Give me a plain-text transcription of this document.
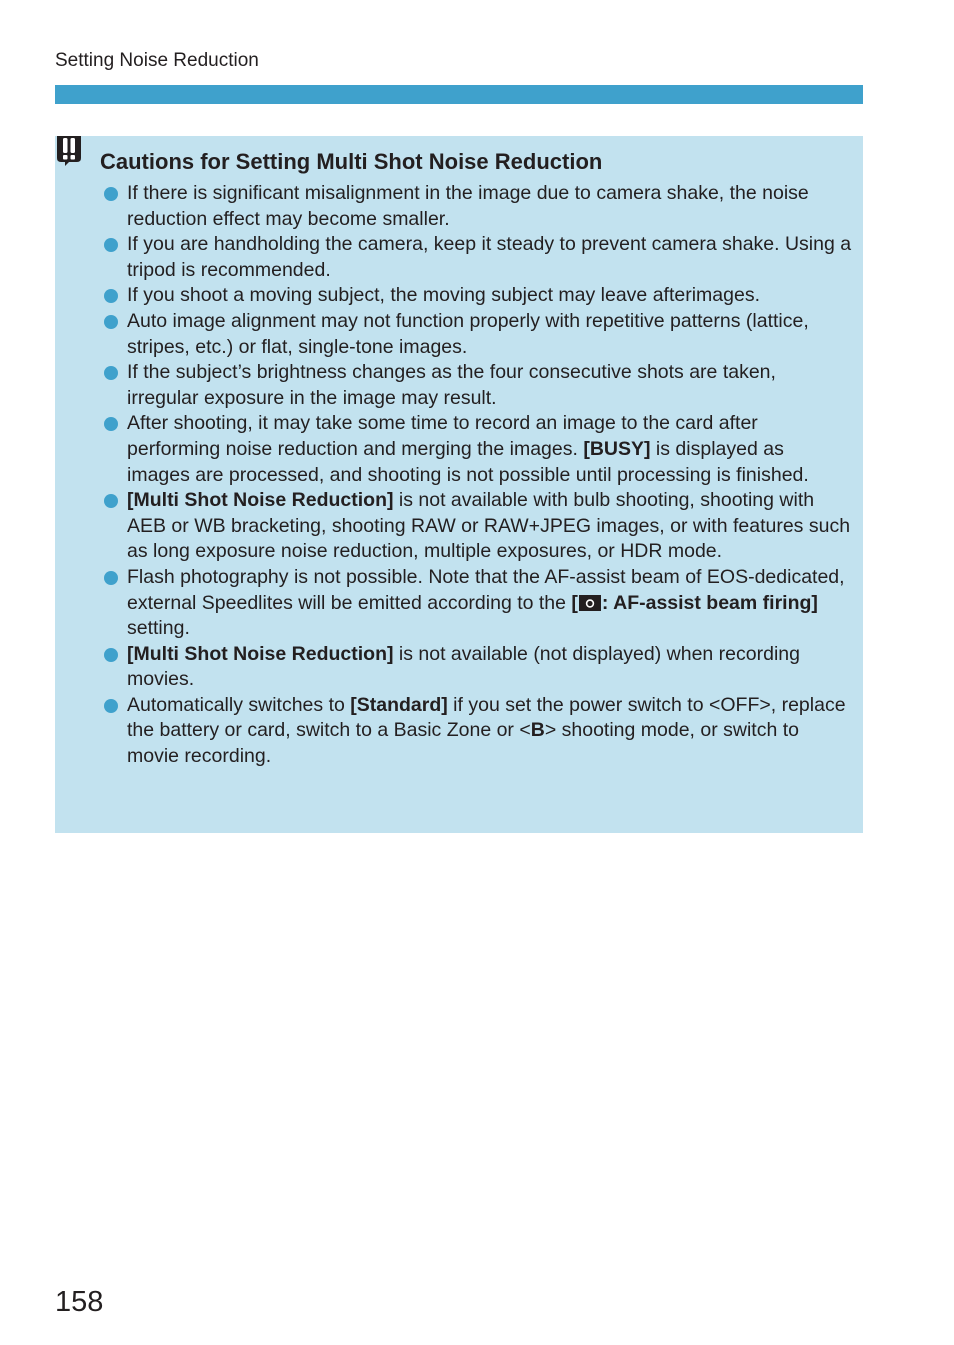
Setting Noise Reduction
Cautions for Setting Multi Shot Noise Reduction
If there is significant misalignment in the image due to camera shake, the noise reduction effect may become smaller.
If you are handholding the camera, keep it steady to prevent camera shake. Using a tripod is recommended.
If you shoot a moving subject, the moving subject may leave afterimages.
Auto image alignment may not function properly with repetitive patterns (lattice, stripes, etc.) or flat, single-tone images.
If the subject’s brightness changes as the four consecutive shots are taken, irregular exposure in the image may result.
After shooting, it may take some time to record an image to the card after performing noise reduction and merging the images. [BUSY] is displayed as images are processed, and shooting is not possible until processing is finished.
[Multi Shot Noise Reduction] is not available with bulb shooting, shooting with AEB or WB bracketing, shooting RAW or RAW+JPEG images, or with features such as long exposure noise reduction, multiple exposures, or HDR mode.
Flash photography is not possible. Note that the AF-assist beam of EOS-dedicated, external Speedlites will be emitted according to the [ : AF-assist beam firing] setting.
[Multi Shot Noise Reduction] is not available (not displayed) when recording movies.
Automatically switches to [Standard] if you set the power switch to <OFF>, replace the battery or card, switch to a Basic Zone or <B> shooting mode, or switch to movie recording.
158
